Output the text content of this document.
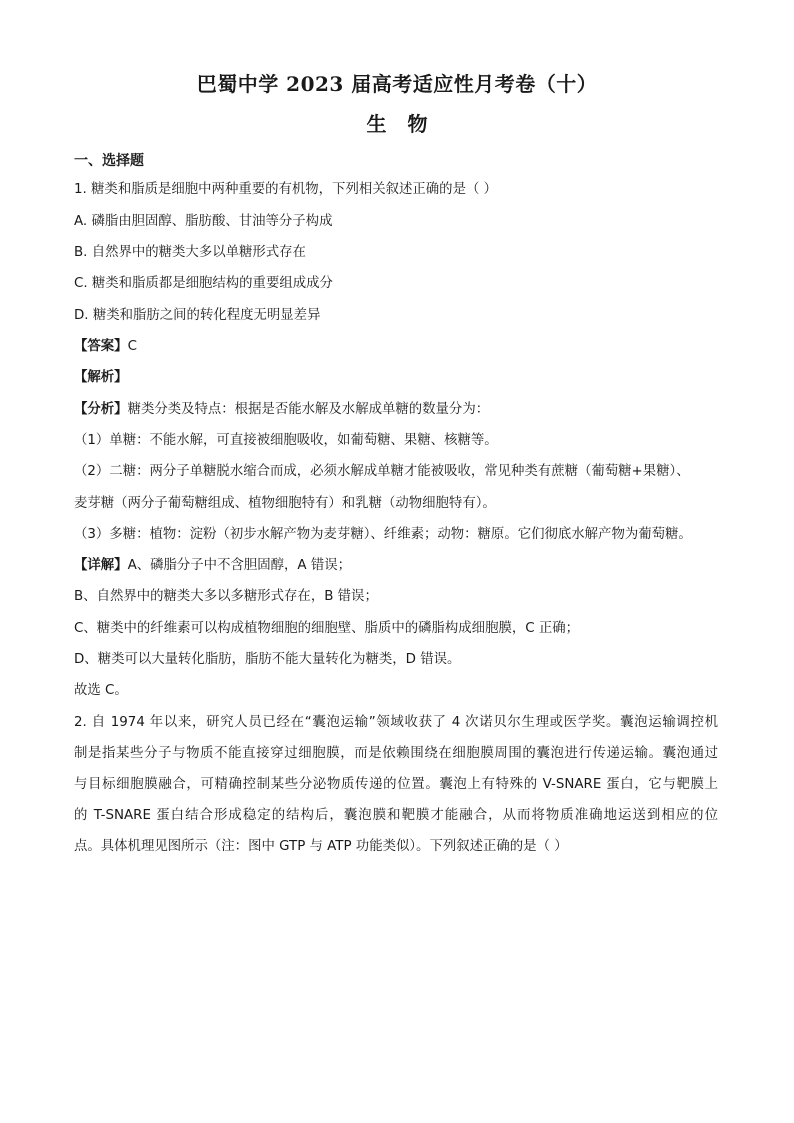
巴蜀中学 2023 届高考适应性月考卷（十）
生 物
一、选择题
1. 糖类和脂质是细胞中两种重要的有机物，下列相关叙述正确的是（ ）
A. 磷脂由胆固醇、脂肪酸、甘油等分子构成
B. 自然界中的糖类大多以单糖形式存在
C. 糖类和脂质都是细胞结构的重要组成成分
D. 糖类和脂肪之间的转化程度无明显差异
【答案】C
【解析】
【分析】糖类分类及特点：根据是否能水解及水解成单糖的数量分为：
（1）单糖：不能水解，可直接被细胞吸收，如葡萄糖、果糖、核糖等。
（2）二糖：两分子单糖脱水缩合而成，必须水解成单糖才能被吸收，常见种类有蔗糖（葡萄糖+果糖）、
麦芽糖（两分子葡萄糖组成、植物细胞特有）和乳糖（动物细胞特有）。
（3）多糖：植物：淀粉（初步水解产物为麦芽糖）、纤维素；动物：糖原。它们彻底水解产物为葡萄糖。
【详解】A、磷脂分子中不含胆固醇，A 错误；
B、自然界中的糖类大多以多糖形式存在，B 错误；
C、糖类中的纤维素可以构成植物细胞的细胞壁、脂质中的磷脂构成细胞膜，C 正确；
D、糖类可以大量转化脂肪，脂肪不能大量转化为糖类，D 错误。
故选 C。
2. 自 1974 年以来，研究人员已经在“囊泡运输”领域收获了 4 次诺贝尔生理或医学奖。囊泡运输调控机
制是指某些分子与物质不能直接穿过细胞膜，而是依赖围绕在细胞膜周围的囊泡进行传递运输。囊泡通过
与目标细胞膜融合，可精确控制某些分泌物质传递的位置。囊泡上有特殊的 V-SNARE 蛋白，它与靶膜上
的 T-SNARE 蛋白结合形成稳定的结构后，囊泡膜和靶膜才能融合，从而将物质准确地运送到相应的位
点。具体机理见图所示（注：图中 GTP 与 ATP 功能类似）。下列叙述正确的是（ ）
